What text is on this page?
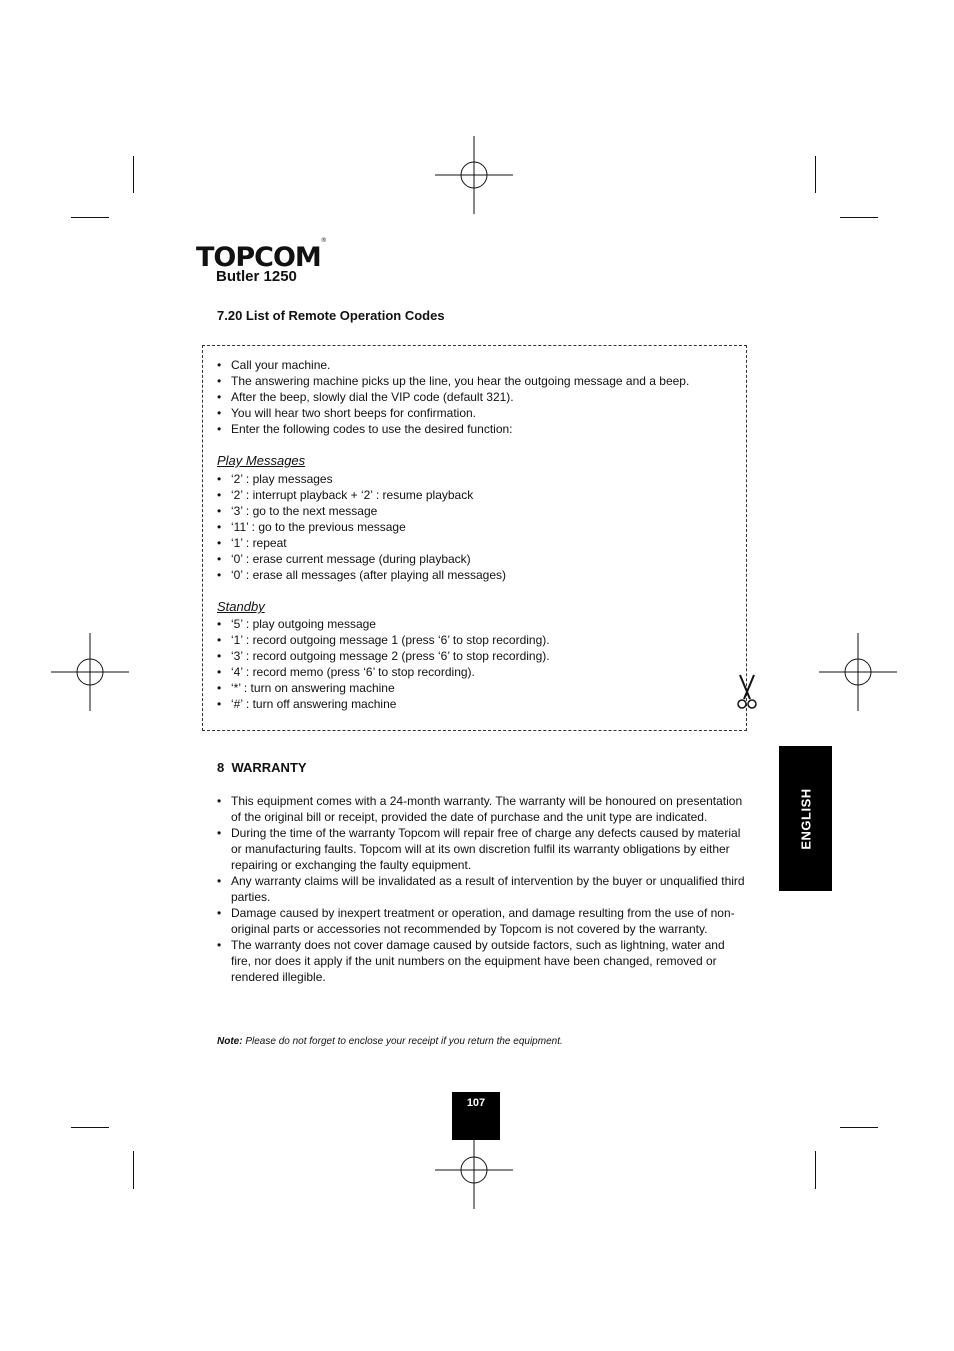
TOPCOM®
Butler 1250
7.20 List of Remote Operation Codes
• Call your machine.
• The answering machine picks up the line, you hear the outgoing message and a beep.
• After the beep, slowly dial the VIP code (default 321).
• You will hear two short beeps for confirmation.
• Enter the following codes to use the desired function:
Play Messages
• ‘2’ : play messages
• ‘2’ : interrupt playback + ‘2’ : resume playback
• ‘3’ : go to the next message
• ‘11’ : go to the previous message
• ‘1’ : repeat
• ‘0’ : erase current message (during playback)
• ‘0’ : erase all messages (after playing all messages)
Standby
• ‘5’ : play outgoing message
• ‘1’ : record outgoing message 1 (press ‘6’ to stop recording).
• ‘3’ : record outgoing message 2 (press ‘6’ to stop recording).
• ‘4’ : record memo (press ‘6’ to stop recording).
• ‘*’ : turn on answering machine
• ‘#’ : turn off answering machine
8  WARRANTY
• This equipment comes with a 24-month warranty. The warranty will be honoured on presentation of the original bill or receipt, provided the date of purchase and the unit type are indicated.
• During the time of the warranty Topcom will repair free of charge any defects caused by material or manufacturing faults. Topcom will at its own discretion fulfil its warranty obligations by either repairing or exchanging the faulty equipment.
• Any warranty claims will be invalidated as a result of intervention by the buyer or unqualified third parties.
• Damage caused by inexpert treatment or operation, and damage resulting from the use of non-original parts or accessories not recommended by Topcom is not covered by the warranty.
• The warranty does not cover damage caused by outside factors, such as lightning, water and fire, nor does it apply if the unit numbers on the equipment have been changed, removed or rendered illegible.
Note: Please do not forget to enclose your receipt if you return the equipment.
ENGLISH
107
